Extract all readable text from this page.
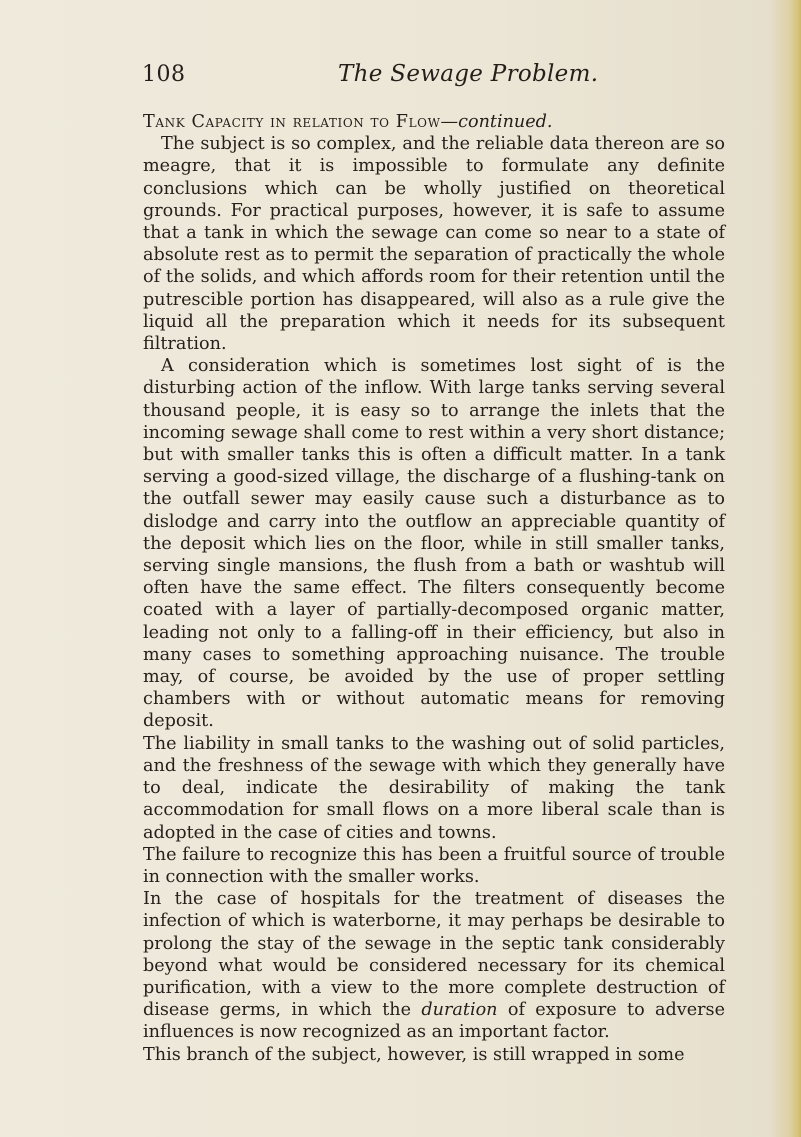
108	The Sewage Problem.

Tank Capacity in relation to Flow—continued.

The subject is so complex, and the reliable data thereon are so meagre, that it is impossible to formulate any definite conclusions which can be wholly justified on theoretical grounds. For practical purposes, however, it is safe to assume that a tank in which the sewage can come so near to a state of absolute rest as to permit the separation of practically the whole of the solids, and which affords room for their retention until the putrescible portion has disappeared, will also as a rule give the liquid all the preparation which it needs for its subsequent filtration.

A consideration which is sometimes lost sight of is the disturbing action of the inflow. With large tanks serving several thousand people, it is easy so to arrange the inlets that the incoming sewage shall come to rest within a very short distance; but with smaller tanks this is often a difficult matter. In a tank serving a good-sized village, the discharge of a flushing-tank on the outfall sewer may easily cause such a disturbance as to dislodge and carry into the outflow an appreciable quantity of the deposit which lies on the floor, while in still smaller tanks, serving single mansions, the flush from a bath or washtub will often have the same effect. The filters consequently become coated with a layer of partially-decomposed organic matter, leading not only to a falling-off in their efficiency, but also in many cases to something approaching nuisance. The trouble may, of course, be avoided by the use of proper settling chambers with or without automatic means for removing deposit.

The liability in small tanks to the washing out of solid particles, and the freshness of the sewage with which they generally have to deal, indicate the desirability of making the tank accommodation for small flows on a more liberal scale than is adopted in the case of cities and towns.

The failure to recognize this has been a fruitful source of trouble in connection with the smaller works.

In the case of hospitals for the treatment of diseases the infection of which is waterborne, it may perhaps be desirable to prolong the stay of the sewage in the septic tank considerably beyond what would be considered necessary for its chemical purification, with a view to the more complete destruction of disease germs, in which the duration of exposure to adverse influences is now recognized as an important factor.

This branch of the subject, however, is still wrapped in some
